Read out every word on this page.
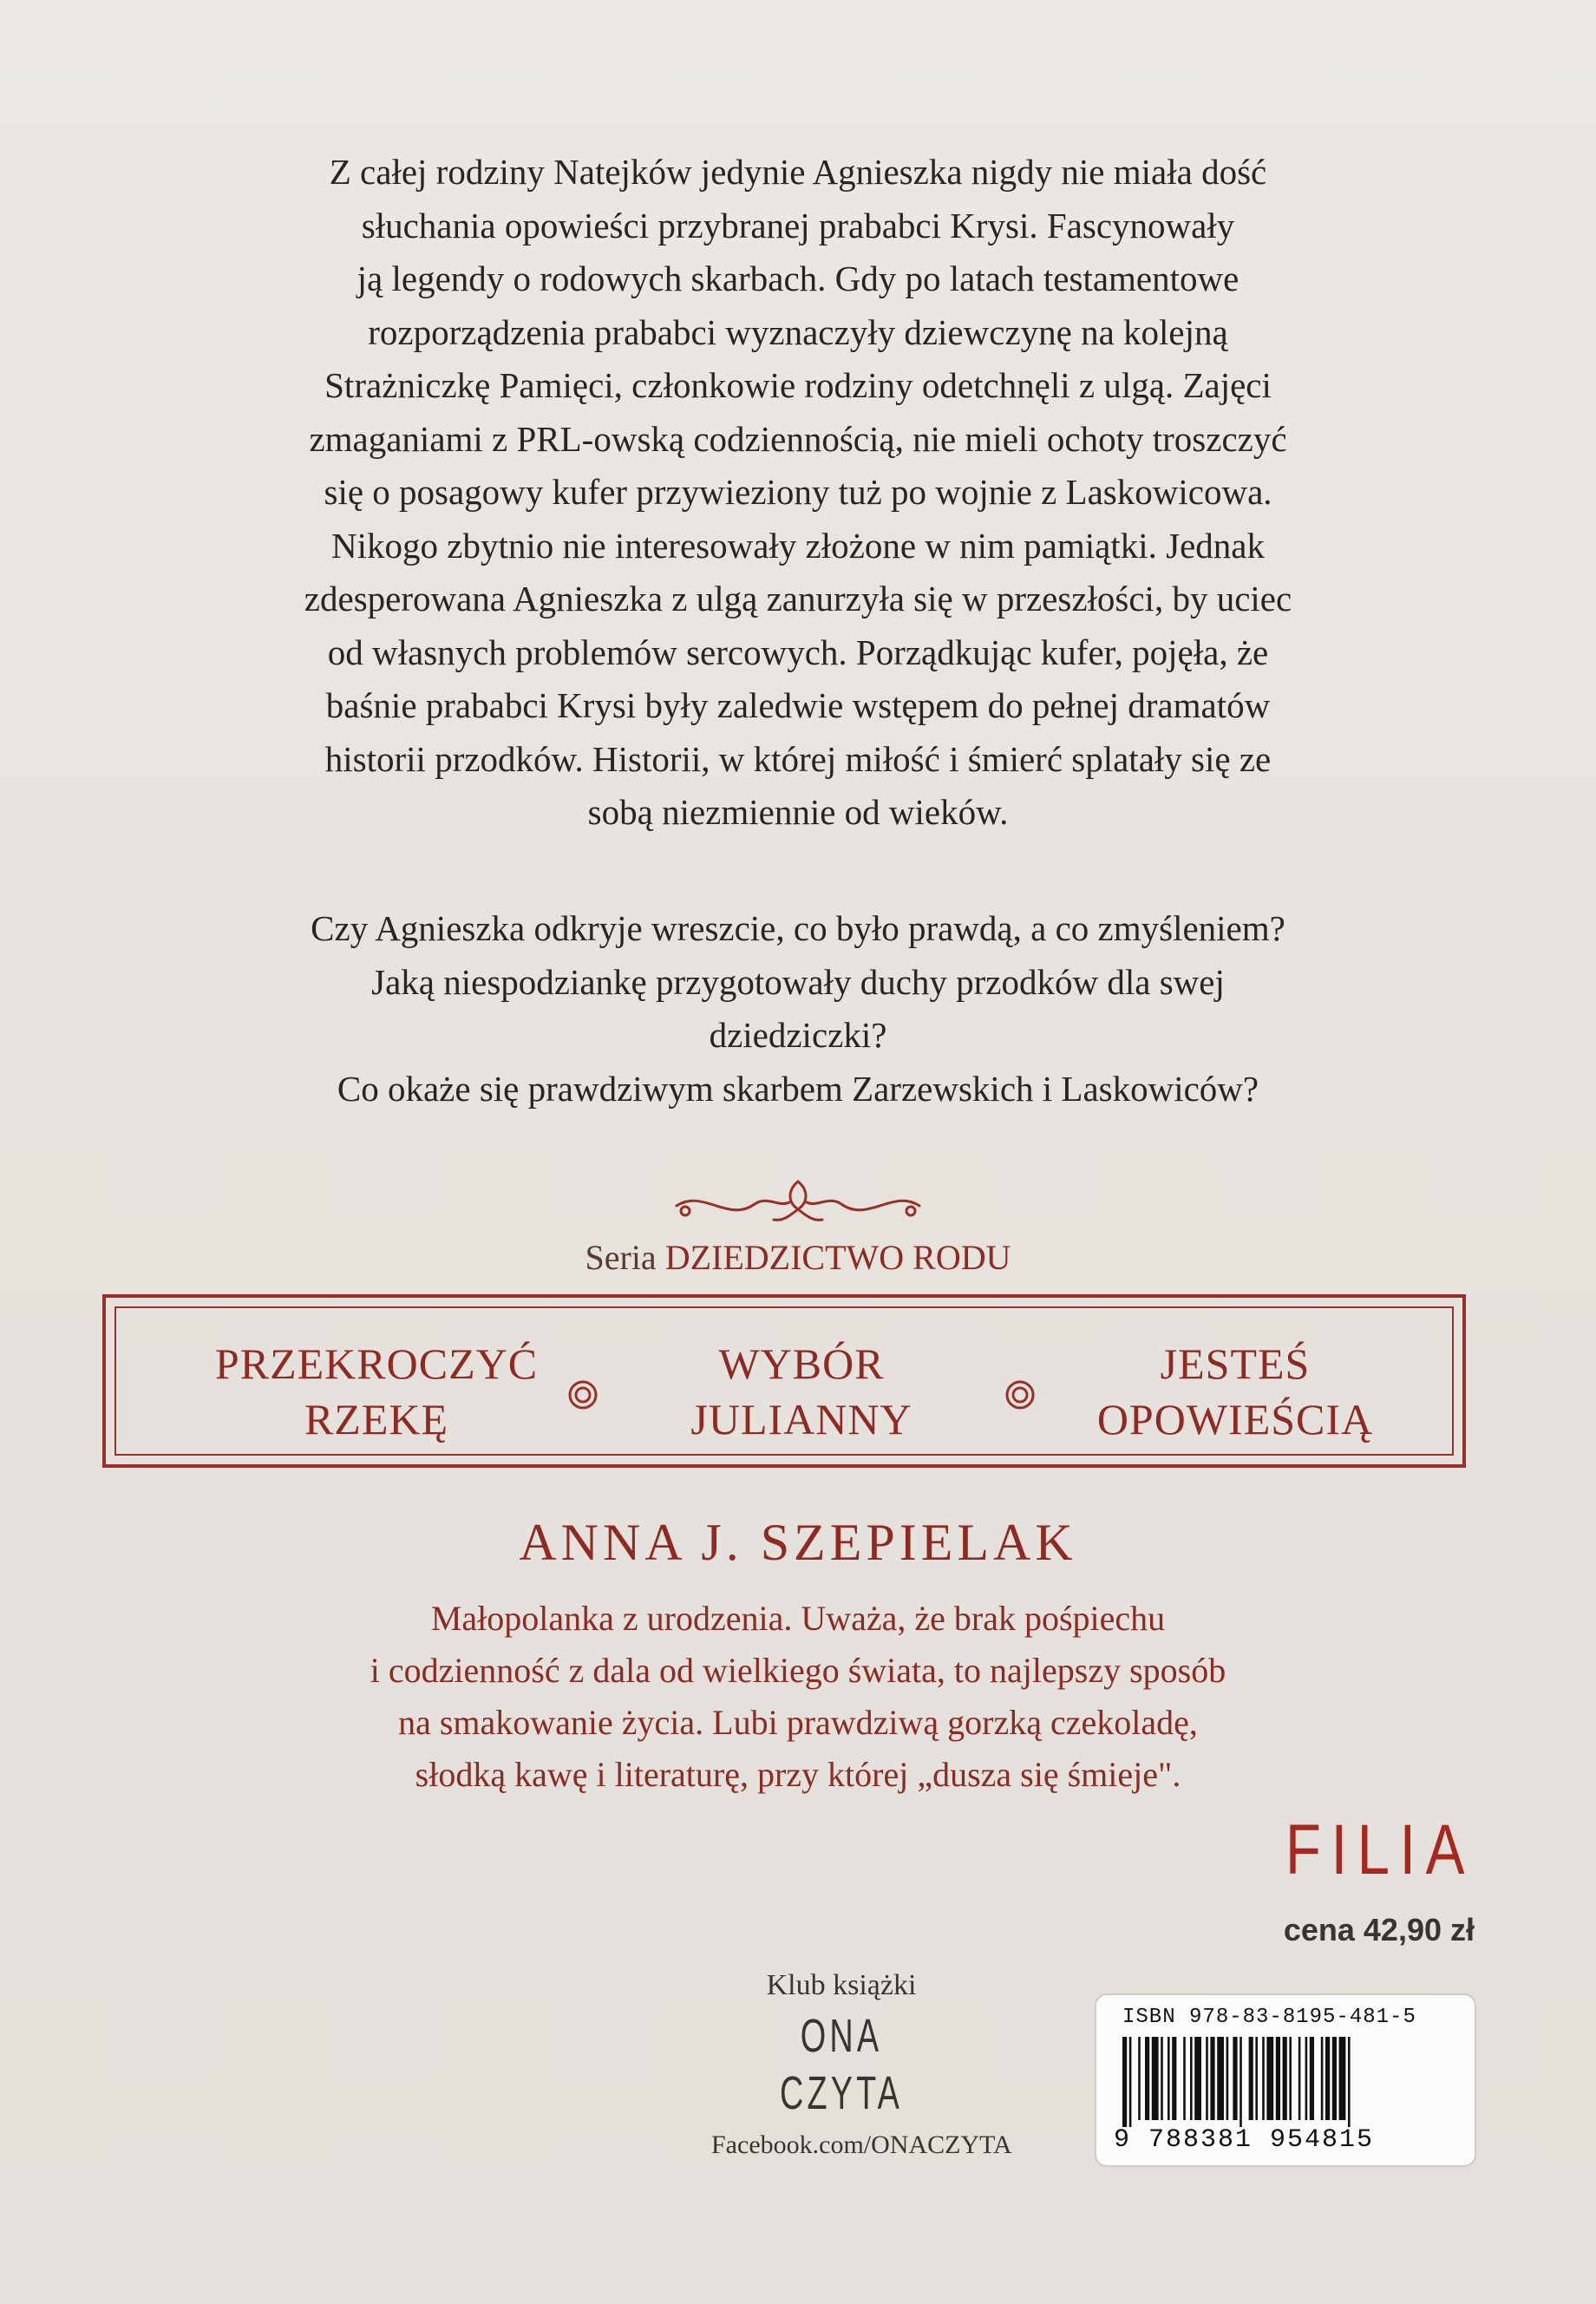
Z całej rodziny Natejków jedynie Agnieszka nigdy nie miała dość
słuchania opowieści przybranej prababci Krysi. Fascynowały
ją legendy o rodowych skarbach. Gdy po latach testamentowe
rozporządzenia prababci wyznaczyły dziewczynę na kolejną
Strażniczkę Pamięci, członkowie rodziny odetchnęli z ulgą. Zajęci
zmaganiami z PRL-owską codziennością, nie mieli ochoty troszczyć
się o posagowy kufer przywieziony tuż po wojnie z Laskowicowa.
Nikogo zbytnio nie interesowały złożone w nim pamiątki. Jednak
zdesperowana Agnieszka z ulgą zanurzyła się w przeszłości, by uciec
od własnych problemów sercowych. Porządkując kufer, pojęła, że
baśnie prababci Krysi były zaledwie wstępem do pełnej dramatów
historii przodków. Historii, w której miłość i śmierć splatały się ze
sobą niezmiennie od wieków.
Czy Agnieszka odkryje wreszcie, co było prawdą, a co zmyśleniem?
Jaką niespodziankę przygotowały duchy przodków dla swej
dziedziczki?
Co okaże się prawdziwym skarbem Zarzewskich i Laskowiców?
Seria DZIEDZICTWO RODU
PRZEKROCZYĆ
RZEKĘ
WYBÓR
JULIANNY
JESTEŚ
OPOWIEŚCIĄ
ANNA J. SZEPIELAK
Małopolanka z urodzenia. Uważa, że brak pośpiechu
i codzienność z dala od wielkiego świata, to najlepszy sposób
na smakowanie życia. Lubi prawdziwą gorzką czekoladę,
słodką kawę i literaturę, przy której „dusza się śmieje".
FILIA
cena 42,90 zł
Klub książki
ONA
CZYTA
Facebook.com/ONACZYTA
ISBN 978-83-8195-481-5
9 788381 954815
